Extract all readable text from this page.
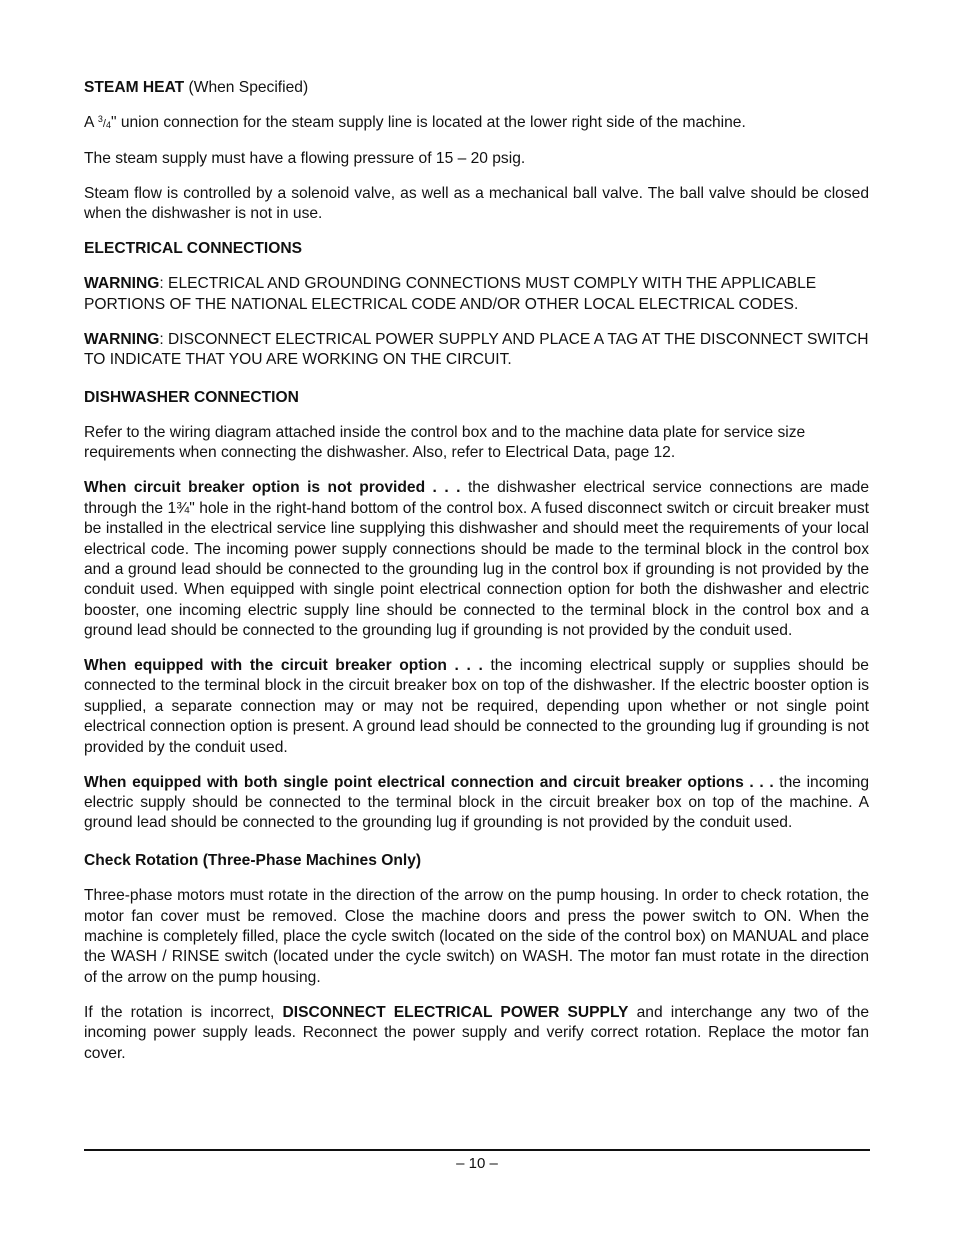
STEAM HEAT (When Specified)

A $^3/_4$" union connection for the steam supply line is located at the lower right side of the machine.

The steam supply must have a flowing pressure of 15 – 20 psig.

Steam flow is controlled by a solenoid valve, as well as a mechanical ball valve. The ball valve should be closed when the dishwasher is not in use.

ELECTRICAL CONNECTIONS

WARNING: ELECTRICAL AND GROUNDING CONNECTIONS MUST COMPLY WITH THE APPLICABLE PORTIONS OF THE NATIONAL ELECTRICAL CODE AND/OR OTHER LOCAL ELECTRICAL CODES.

WARNING: DISCONNECT ELECTRICAL POWER SUPPLY AND PLACE A TAG AT THE DISCONNECT SWITCH TO INDICATE THAT YOU ARE WORKING ON THE CIRCUIT.

DISHWASHER CONNECTION

Refer to the wiring diagram attached inside the control box and to the machine data plate for service size requirements when connecting the dishwasher. Also, refer to Electrical Data, page 12.

When circuit breaker option is not provided . . . the dishwasher electrical service connections are made through the 1¾" hole in the right-hand bottom of the control box. A fused disconnect switch or circuit breaker must be installed in the electrical service line supplying this dishwasher and should meet the requirements of your local electrical code. The incoming power supply connections should be made to the terminal block in the control box and a ground lead should be connected to the grounding lug in the control box if grounding is not provided by the conduit used. When equipped with single point electrical connection option for both the dishwasher and electric booster, one incoming electric supply line should be connected to the terminal block in the control box and a ground lead should be connected to the grounding lug if grounding is not provided by the conduit used.

When equipped with the circuit breaker option . . . the incoming electrical supply or supplies should be connected to the terminal block in the circuit breaker box on top of the dishwasher. If the electric booster option is supplied, a separate connection may or may not be required, depending upon whether or not single point electrical connection option is present. A ground lead should be connected to the grounding lug if grounding is not provided by the conduit used.

When equipped with both single point electrical connection and circuit breaker options . . . the incoming electric supply should be connected to the terminal block in the circuit breaker box on top of the machine. A ground lead should be connected to the grounding lug if grounding is not provided by the conduit used.

Check Rotation (Three-Phase Machines Only)

Three-phase motors must rotate in the direction of the arrow on the pump housing. In order to check rotation, the motor fan cover must be removed. Close the machine doors and press the power switch to ON. When the machine is completely filled, place the cycle switch (located on the side of the control box) on MANUAL and place the WASH / RINSE switch (located under the cycle switch) on WASH. The motor fan must rotate in the direction of the arrow on the pump housing.

If the rotation is incorrect, DISCONNECT ELECTRICAL POWER SUPPLY and interchange any two of the incoming power supply leads. Reconnect the power supply and verify correct rotation. Replace the motor fan cover.

– 10 –
